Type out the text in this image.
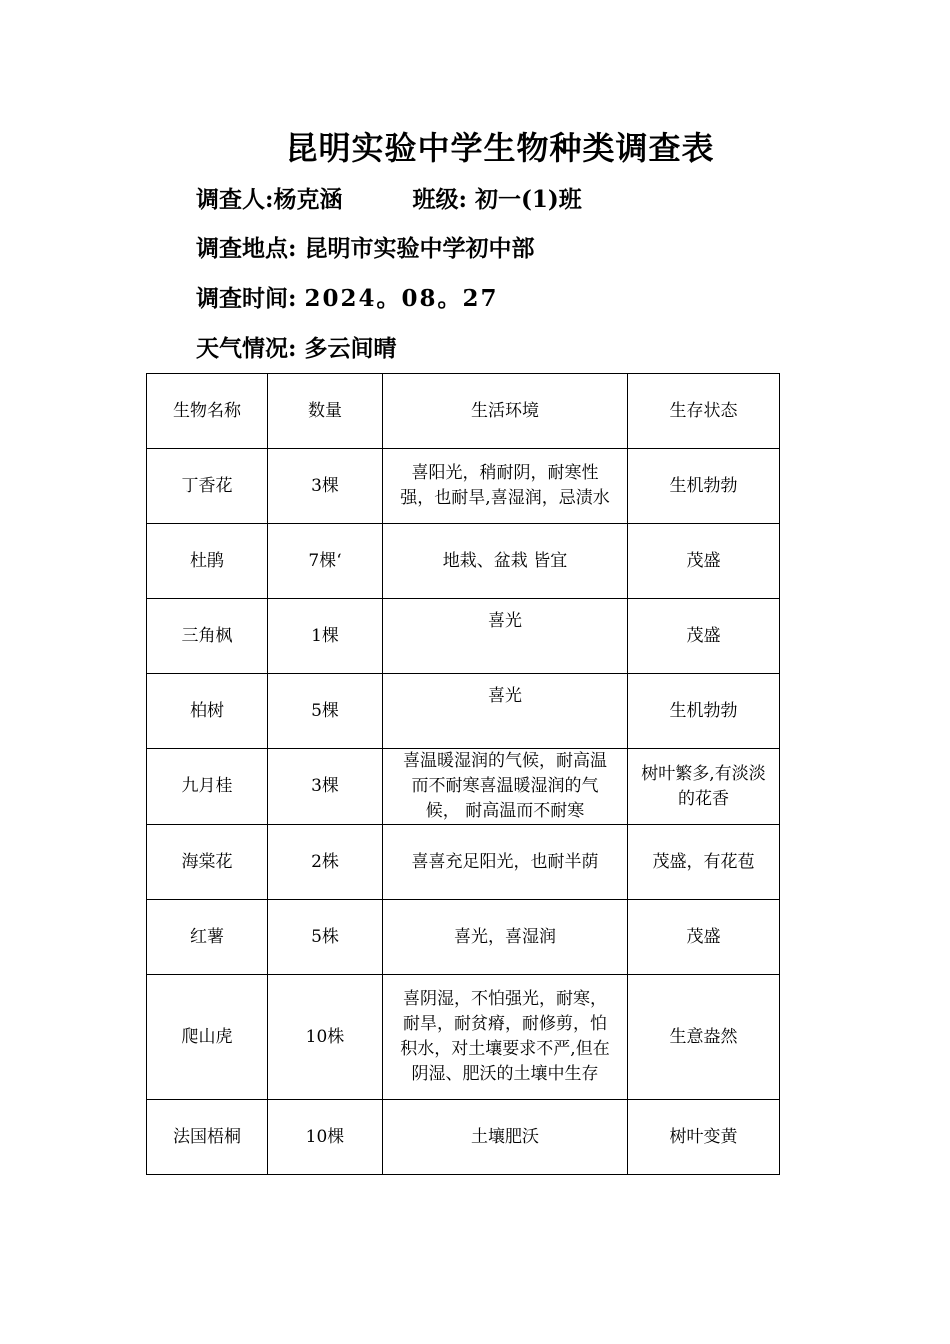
昆明实验中学生物种类调查表
调查人:杨克涵	班级: 初一(1)班
调查地点: 昆明市实验中学初中部
调查时间: 2024。08。27
天气情况: 多云间晴
生物名称	数量	生活环境	生存状态
丁香花	3棵	喜阳光，稍耐阴，耐寒性强，也耐旱,喜湿润，忌渍水	生机勃勃
杜鹃	7棵‘	地栽、盆栽 皆宜	茂盛
三角枫	1棵	喜光	茂盛
柏树	5棵	喜光	生机勃勃
九月桂	3棵	喜温暖湿润的气候，耐高温而不耐寒喜温暖湿润的气候， 耐高温而不耐寒	树叶繁多,有淡淡的花香
海棠花	2株	喜喜充足阳光，也耐半荫	茂盛，有花苞
红薯	5株	喜光，喜湿润	茂盛
爬山虎	10株	喜阴湿，不怕强光，耐寒，耐旱，耐贫瘠，耐修剪，怕积水，对土壤要求不严,但在阴湿、肥沃的土壤中生存	生意盎然
法国梧桐	10棵	土壤肥沃	树叶变黄
